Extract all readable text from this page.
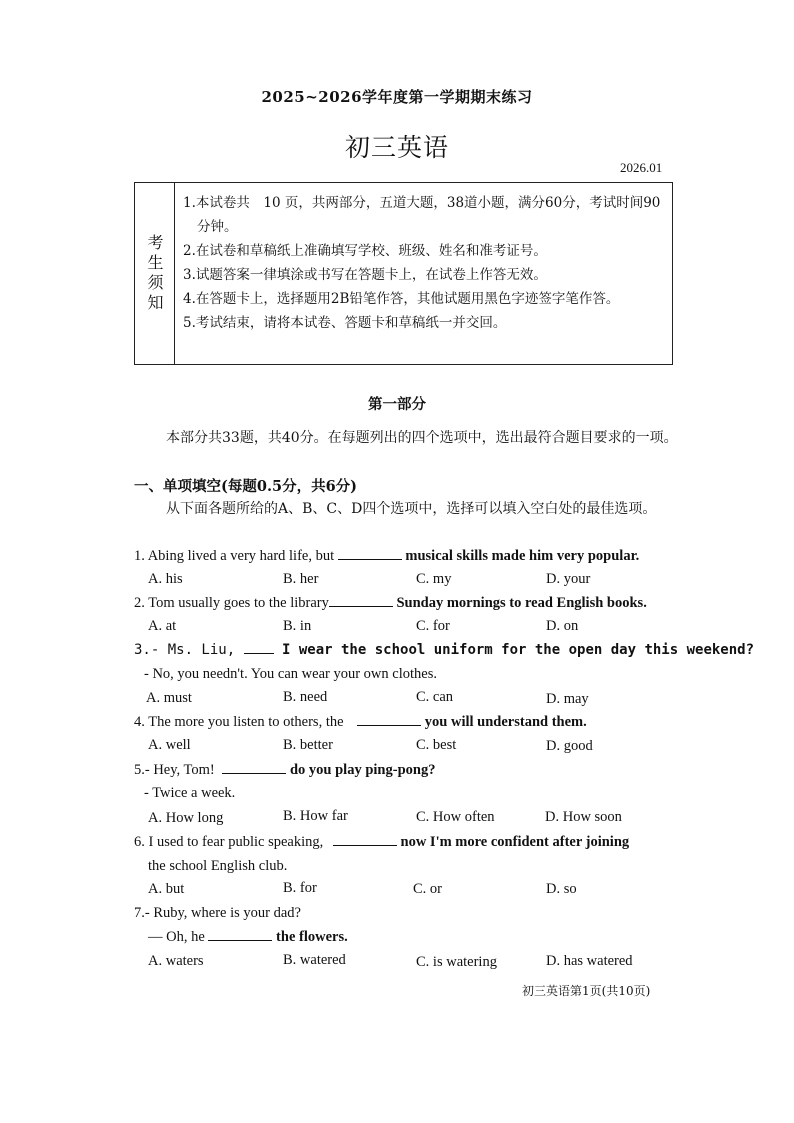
2025~2026学年度第一学期期末练习
初三英语
2026.01
考生须知
1.本试卷共　10 页，共两部分，五道大题，38道小题，满分60分，考试时间90分钟。
2.在试卷和草稿纸上准确填写学校、班级、姓名和准考证号。
3.试题答案一律填涂或书写在答题卡上，在试卷上作答无效。
4.在答题卡上，选择题用2B铅笔作答，其他试题用黑色字迹签字笔作答。
5.考试结束，请将本试卷、答题卡和草稿纸一并交回。
第一部分
本部分共33题，共40分。在每题列出的四个选项中，选出最符合题目要求的一项。
一、单项填空(每题0.5分，共6分)
从下面各题所给的A、B、C、D四个选项中，选择可以填入空白处的最佳选项。
1. Abing lived a very hard life, but	musical skills made him very popular.
A. his	B. her	C. my	D. your
2. Tom usually goes to the library	Sunday mornings to read English books.
A. at	B. in	C. for	D. on
3.- Ms. Liu,  I wear the school uniform for the open day this weekend?
- No, you needn't. You can wear your own clothes.
A. must	B. need	C. can	D. may
4. The more you listen to others, the	you will understand them.
A. well	B. better	C. best	D. good
5.- Hey, Tom!	do you play ping-pong?
- Twice a week.
A. How long	B. How far	C. How often	D. How soon
6. I used to fear public speaking,	now I'm more confident after joining
the school English club.
A. but	B. for	C. or	D. so
7.- Ruby, where is your dad?
— Oh, he	the flowers.
A. waters	B. watered	C. is watering	D. has watered
初三英语第1页(共10页)
